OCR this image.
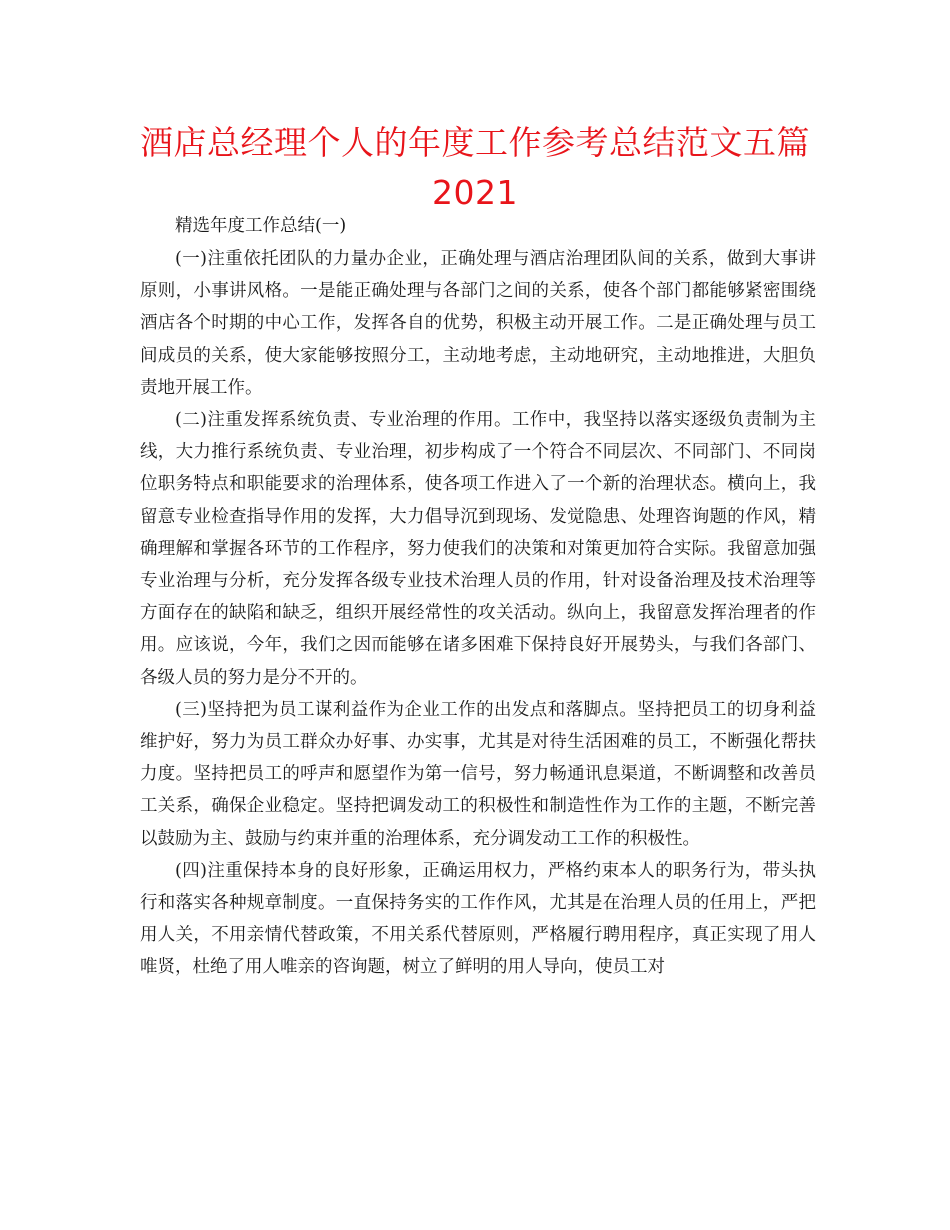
酒店总经理个人的年度工作参考总结范文五篇
2021

精选年度工作总结(一)

(一)注重依托团队的力量办企业，正确处理与酒店治理团队间的关系，做到大事讲原则，小事讲风格。一是能正确处理与各部门之间的关系，使各个部门都能够紧密围绕酒店各个时期的中心工作，发挥各自的优势，积极主动开展工作。二是正确处理与员工间成员的关系，使大家能够按照分工，主动地考虑，主动地研究，主动地推进，大胆负责地开展工作。

(二)注重发挥系统负责、专业治理的作用。工作中，我坚持以落实逐级负责制为主线，大力推行系统负责、专业治理，初步构成了一个符合不同层次、不同部门、不同岗位职务特点和职能要求的治理体系，使各项工作进入了一个新的治理状态。横向上，我留意专业检查指导作用的发挥，大力倡导沉到现场、发觉隐患、处理咨询题的作风，精确理解和掌握各环节的工作程序，努力使我们的决策和对策更加符合实际。我留意加强专业治理与分析，充分发挥各级专业技术治理人员的作用，针对设备治理及技术治理等方面存在的缺陷和缺乏，组织开展经常性的攻关活动。纵向上，我留意发挥治理者的作用。应该说，今年，我们之因而能够在诸多困难下保持良好开展势头，与我们各部门、各级人员的努力是分不开的。

(三)坚持把为员工谋利益作为企业工作的出发点和落脚点。坚持把员工的切身利益维护好，努力为员工群众办好事、办实事，尤其是对待生活困难的员工，不断强化帮扶力度。坚持把员工的呼声和愿望作为第一信号，努力畅通讯息渠道，不断调整和改善员工关系，确保企业稳定。坚持把调发动工的积极性和制造性作为工作的主题，不断完善以鼓励为主、鼓励与约束并重的治理体系，充分调发动工工作的积极性。

(四)注重保持本身的良好形象，正确运用权力，严格约束本人的职务行为，带头执行和落实各种规章制度。一直保持务实的工作作风，尤其是在治理人员的任用上，严把用人关，不用亲情代替政策，不用关系代替原则，严格履行聘用程序，真正实现了用人唯贤，杜绝了用人唯亲的咨询题，树立了鲜明的用人导向，使员工对
